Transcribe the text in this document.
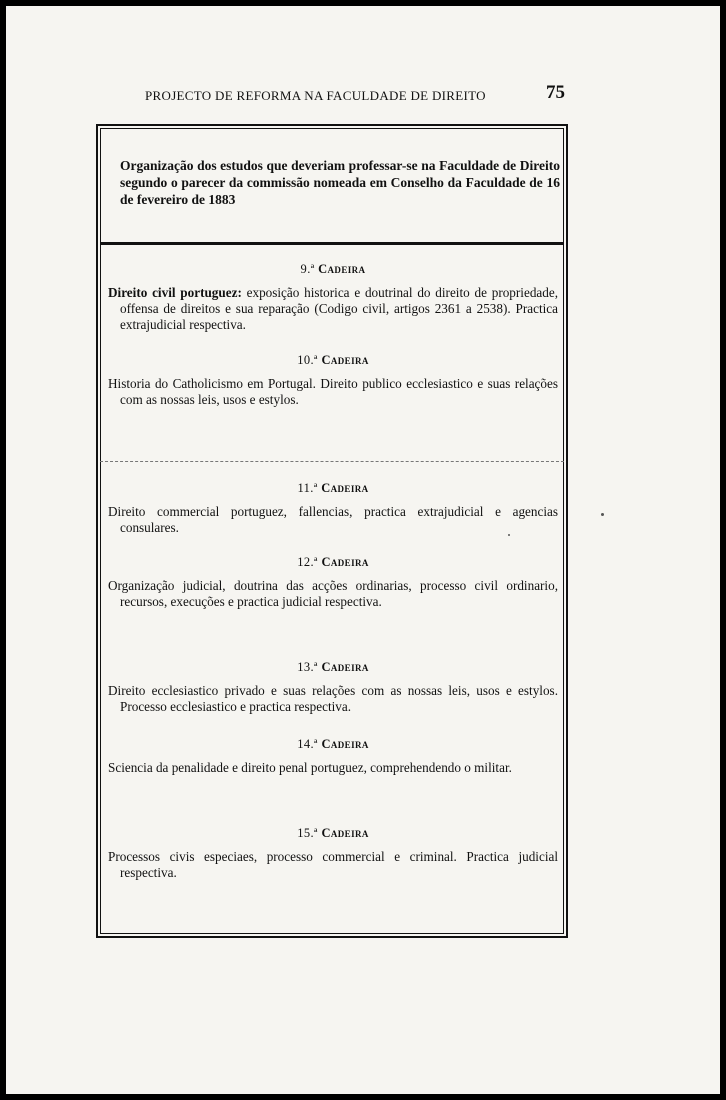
PROJECTO DE REFORMA NA FACULDADE DE DIREITO	75
Organização dos estudos que deveriam professar-se na Faculdade de Direito segundo o parecer da commissão nomeada em Conselho da Faculdade de 16 de fevereiro de 1883
9.ª Cadeira
Direito civil portuguez: exposição historica e doutrinal do direito de propriedade, offensa de direitos e sua reparação (Codigo civil, artigos 2361 a 2538). Practica extrajudicial respectiva.
10.ª Cadeira
Historia do Catholicismo em Portugal. Direito publico ecclesiastico e suas relações com as nossas leis, usos e estylos.
11.ª Cadeira
Direito commercial portuguez, fallencias, practica extrajudicial e agencias consulares.
12.ª Cadeira
Organização judicial, doutrina das acções ordinarias, processo civil ordinario, recursos, execuções e practica judicial respectiva.
13.ª Cadeira
Direito ecclesiastico privado e suas relações com as nossas leis, usos e estylos. Processo ecclesiastico e practica respectiva.
14.ª Cadeira
Sciencia da penalidade e direito penal portuguez, comprehendendo o militar.
15.ª Cadeira
Processos civis especiaes, processo commercial e criminal. Practica judicial respectiva.
